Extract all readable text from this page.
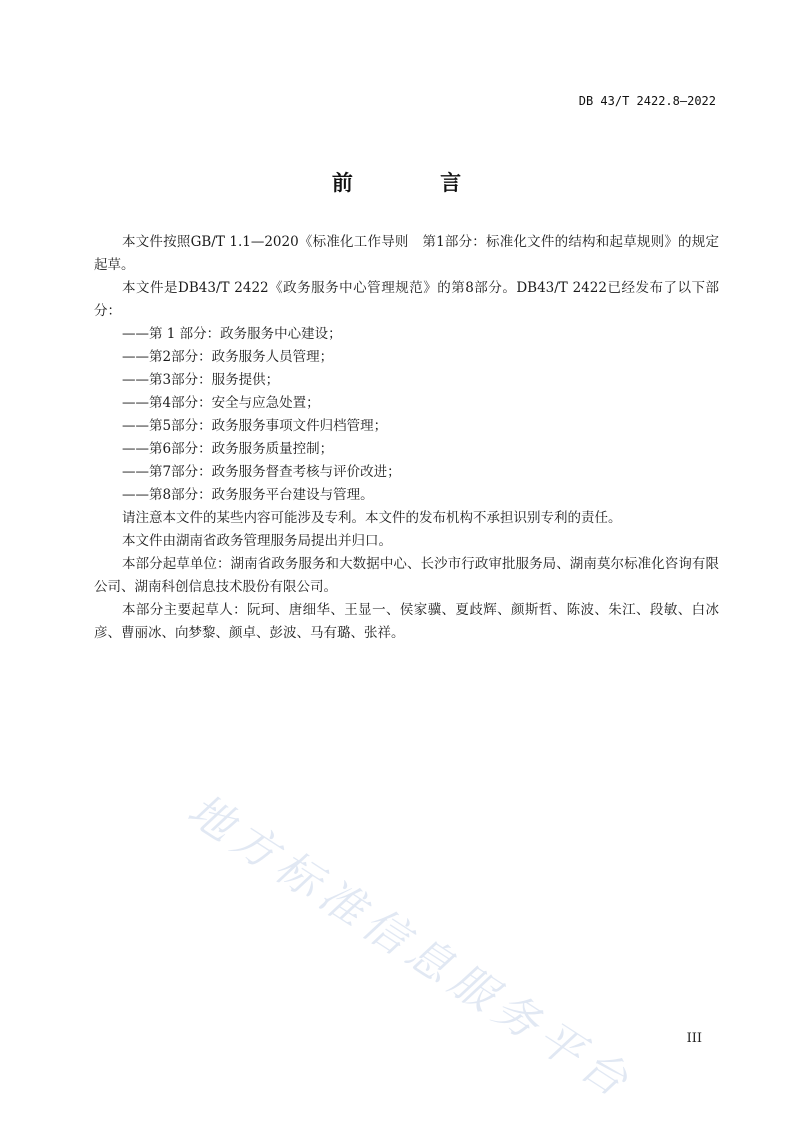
DB 43/T 2422.8—2022
前 言

本文件按照GB/T 1.1—2020《标准化工作导则　第1部分：标准化文件的结构和起草规则》的规定起草。

本文件是DB43/T 2422《政务服务中心管理规范》的第8部分。DB43/T 2422已经发布了以下部分：

——第 1 部分：政务服务中心建设；
——第2部分：政务服务人员管理；
——第3部分：服务提供；
——第4部分：安全与应急处置；
——第5部分：政务服务事项文件归档管理；
——第6部分：政务服务质量控制；
——第7部分：政务服务督查考核与评价改进；
——第8部分：政务服务平台建设与管理。

请注意本文件的某些内容可能涉及专利。本文件的发布机构不承担识别专利的责任。

本文件由湖南省政务管理服务局提出并归口。

本部分起草单位：湖南省政务服务和大数据中心、长沙市行政审批服务局、湖南莫尔标准化咨询有限公司、湖南科创信息技术股份有限公司。

本部分主要起草人：阮珂、唐细华、王显一、侯家骥、夏歧辉、颜斯哲、陈波、朱江、段敏、白冰彦、曹丽冰、向梦黎、颜卓、彭波、马有璐、张祥。

地方标准信息服务平台	III
